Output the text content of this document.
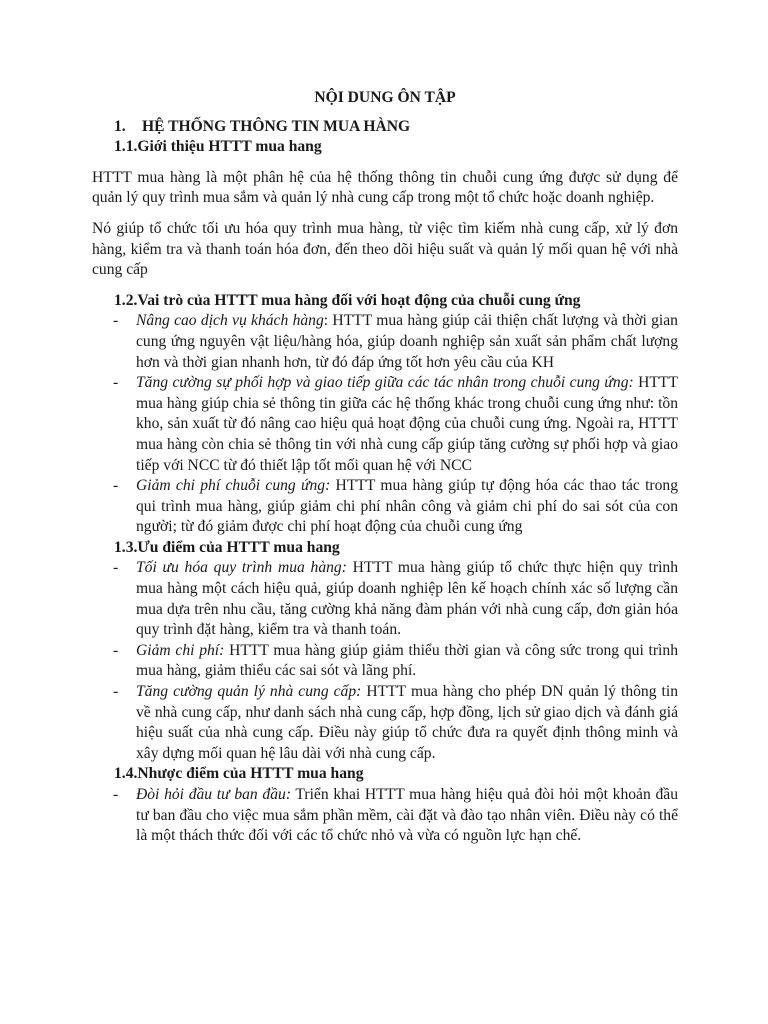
NỘI DUNG ÔN TẬP
1. HỆ THỐNG THÔNG TIN MUA HÀNG
1.1.Giới thiệu HTTT mua hang

HTTT mua hàng là một phân hệ của hệ thống thông tin chuỗi cung ứng được sử dụng để quản lý quy trình mua sắm và quản lý nhà cung cấp trong một tổ chức hoặc doanh nghiệp.

Nó giúp tổ chức tối ưu hóa quy trình mua hàng, từ việc tìm kiếm nhà cung cấp, xử lý đơn hàng, kiểm tra và thanh toán hóa đơn, đến theo dõi hiệu suất và quản lý mối quan hệ với nhà cung cấp

1.2.Vai trò của HTTT mua hàng đối với hoạt động của chuỗi cung ứng
- Nâng cao dịch vụ khách hàng: HTTT mua hàng giúp cải thiện chất lượng và thời gian cung ứng nguyên vật liệu/hàng hóa, giúp doanh nghiệp sản xuất sản phẩm chất lượng hơn và thời gian nhanh hơn, từ đó đáp ứng tốt hơn yêu cầu của KH
- Tăng cường sự phối hợp và giao tiếp giữa các tác nhân trong chuỗi cung ứng: HTTT mua hàng giúp chia sẻ thông tin giữa các hệ thống khác trong chuỗi cung ứng như: tồn kho, sản xuất từ đó nâng cao hiệu quả hoạt động của chuỗi cung ứng. Ngoài ra, HTTT mua hàng còn chia sẻ thông tin với nhà cung cấp giúp tăng cường sự phối hợp và giao tiếp với NCC từ đó thiết lập tốt mối quan hệ với NCC
- Giảm chi phí chuỗi cung ứng: HTTT mua hàng giúp tự động hóa các thao tác trong qui trình mua hàng, giúp giảm chi phí nhân công và giảm chi phí do sai sót của con người; từ đó giảm được chi phí hoạt động của chuỗi cung ứng
1.3.Ưu điểm của HTTT mua hang
- Tối ưu hóa quy trình mua hàng: HTTT mua hàng giúp tổ chức thực hiện quy trình mua hàng một cách hiệu quả, giúp doanh nghiệp lên kế hoạch chính xác số lượng cần mua dựa trên nhu cầu, tăng cường khả năng đàm phán với nhà cung cấp, đơn giản hóa quy trình đặt hàng, kiểm tra và thanh toán.
- Giảm chi phí: HTTT mua hàng giúp giảm thiểu thời gian và công sức trong qui trình mua hàng, giảm thiểu các sai sót và lãng phí.
- Tăng cường quản lý nhà cung cấp: HTTT mua hàng cho phép DN quản lý thông tin về nhà cung cấp, như danh sách nhà cung cấp, hợp đồng, lịch sử giao dịch và đánh giá hiệu suất của nhà cung cấp. Điều này giúp tổ chức đưa ra quyết định thông minh và xây dựng mối quan hệ lâu dài với nhà cung cấp.
1.4.Nhược điểm của HTTT mua hang
- Đòi hỏi đầu tư ban đầu: Triển khai HTTT mua hàng hiệu quả đòi hỏi một khoản đầu tư ban đầu cho việc mua sắm phần mềm, cài đặt và đào tạo nhân viên. Điều này có thể là một thách thức đối với các tổ chức nhỏ và vừa có nguồn lực hạn chế.
